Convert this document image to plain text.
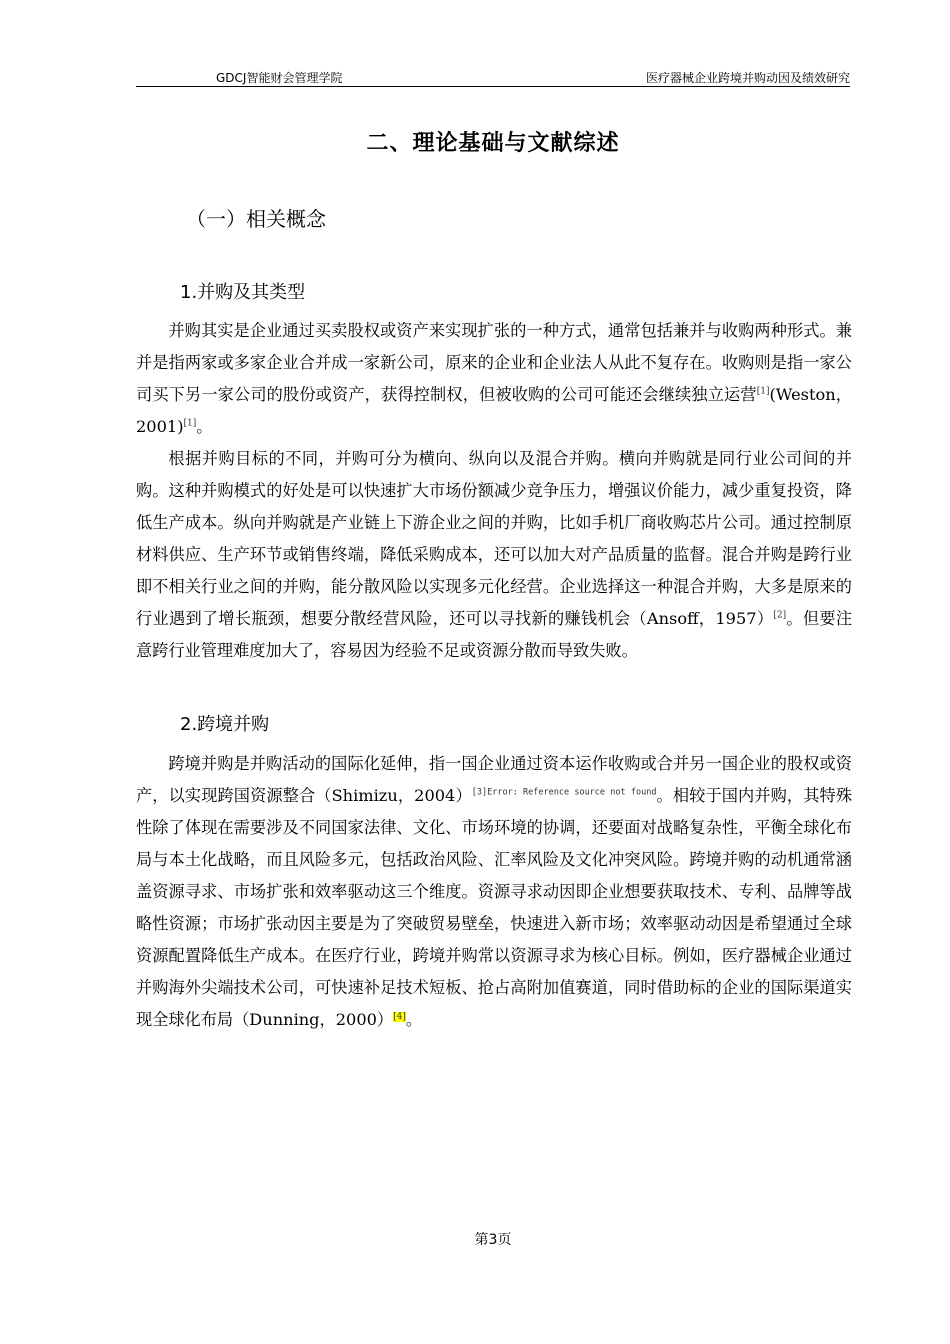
GDCJ智能财会管理学院	医疗器械企业跨境并购动因及绩效研究
二、理论基础与文献综述
（一）相关概念
1.并购及其类型

并购其实是企业通过买卖股权或资产来实现扩张的一种方式，通常包括兼并与收购两种形式。兼并是指两家或多家企业合并成一家新公司，原来的企业和企业法人从此不复存在。收购则是指一家公司买下另一家公司的股份或资产，获得控制权，但被收购的公司可能还会继续独立运营[1](Weston，2001)[1]。

根据并购目标的不同，并购可分为横向、纵向以及混合并购。横向并购就是同行业公司间的并购。这种并购模式的好处是可以快速扩大市场份额减少竞争压力，增强议价能力，减少重复投资，降低生产成本。纵向并购就是产业链上下游企业之间的并购，比如手机厂商收购芯片公司。通过控制原材料供应、生产环节或销售终端，降低采购成本，还可以加大对产品质量的监督。混合并购是跨行业即不相关行业之间的并购，能分散风险以实现多元化经营。企业选择这一种混合并购，大多是原来的行业遇到了增长瓶颈，想要分散经营风险，还可以寻找新的赚钱机会（Ansoff，1957）[2]。但要注意跨行业管理难度加大了，容易因为经验不足或资源分散而导致失败。

2.跨境并购

跨境并购是并购活动的国际化延伸，指一国企业通过资本运作收购或合并另一国企业的股权或资产，以实现跨国资源整合（Shimizu，2004）$^{[3]Error: Reference source not found}$。相较于国内并购，其特殊性除了体现在需要涉及不同国家法律、文化、市场环境的协调，还要面对战略复杂性，平衡全球化布局与本土化战略，而且风险多元，包括政治风险、汇率风险及文化冲突风险。跨境并购的动机通常涵盖资源寻求、市场扩张和效率驱动这三个维度。资源寻求动因即企业想要获取技术、专利、品牌等战略性资源；市场扩张动因主要是为了突破贸易壁垒，快速进入新市场；效率驱动动因是希望通过全球资源配置降低生产成本。在医疗行业，跨境并购常以资源寻求为核心目标。例如，医疗器械企业通过并购海外尖端技术公司，可快速补足技术短板、抢占高附加值赛道，同时借助标的企业的国际渠道实现全球化布局（Dunning，2000）[4]。

第3页
